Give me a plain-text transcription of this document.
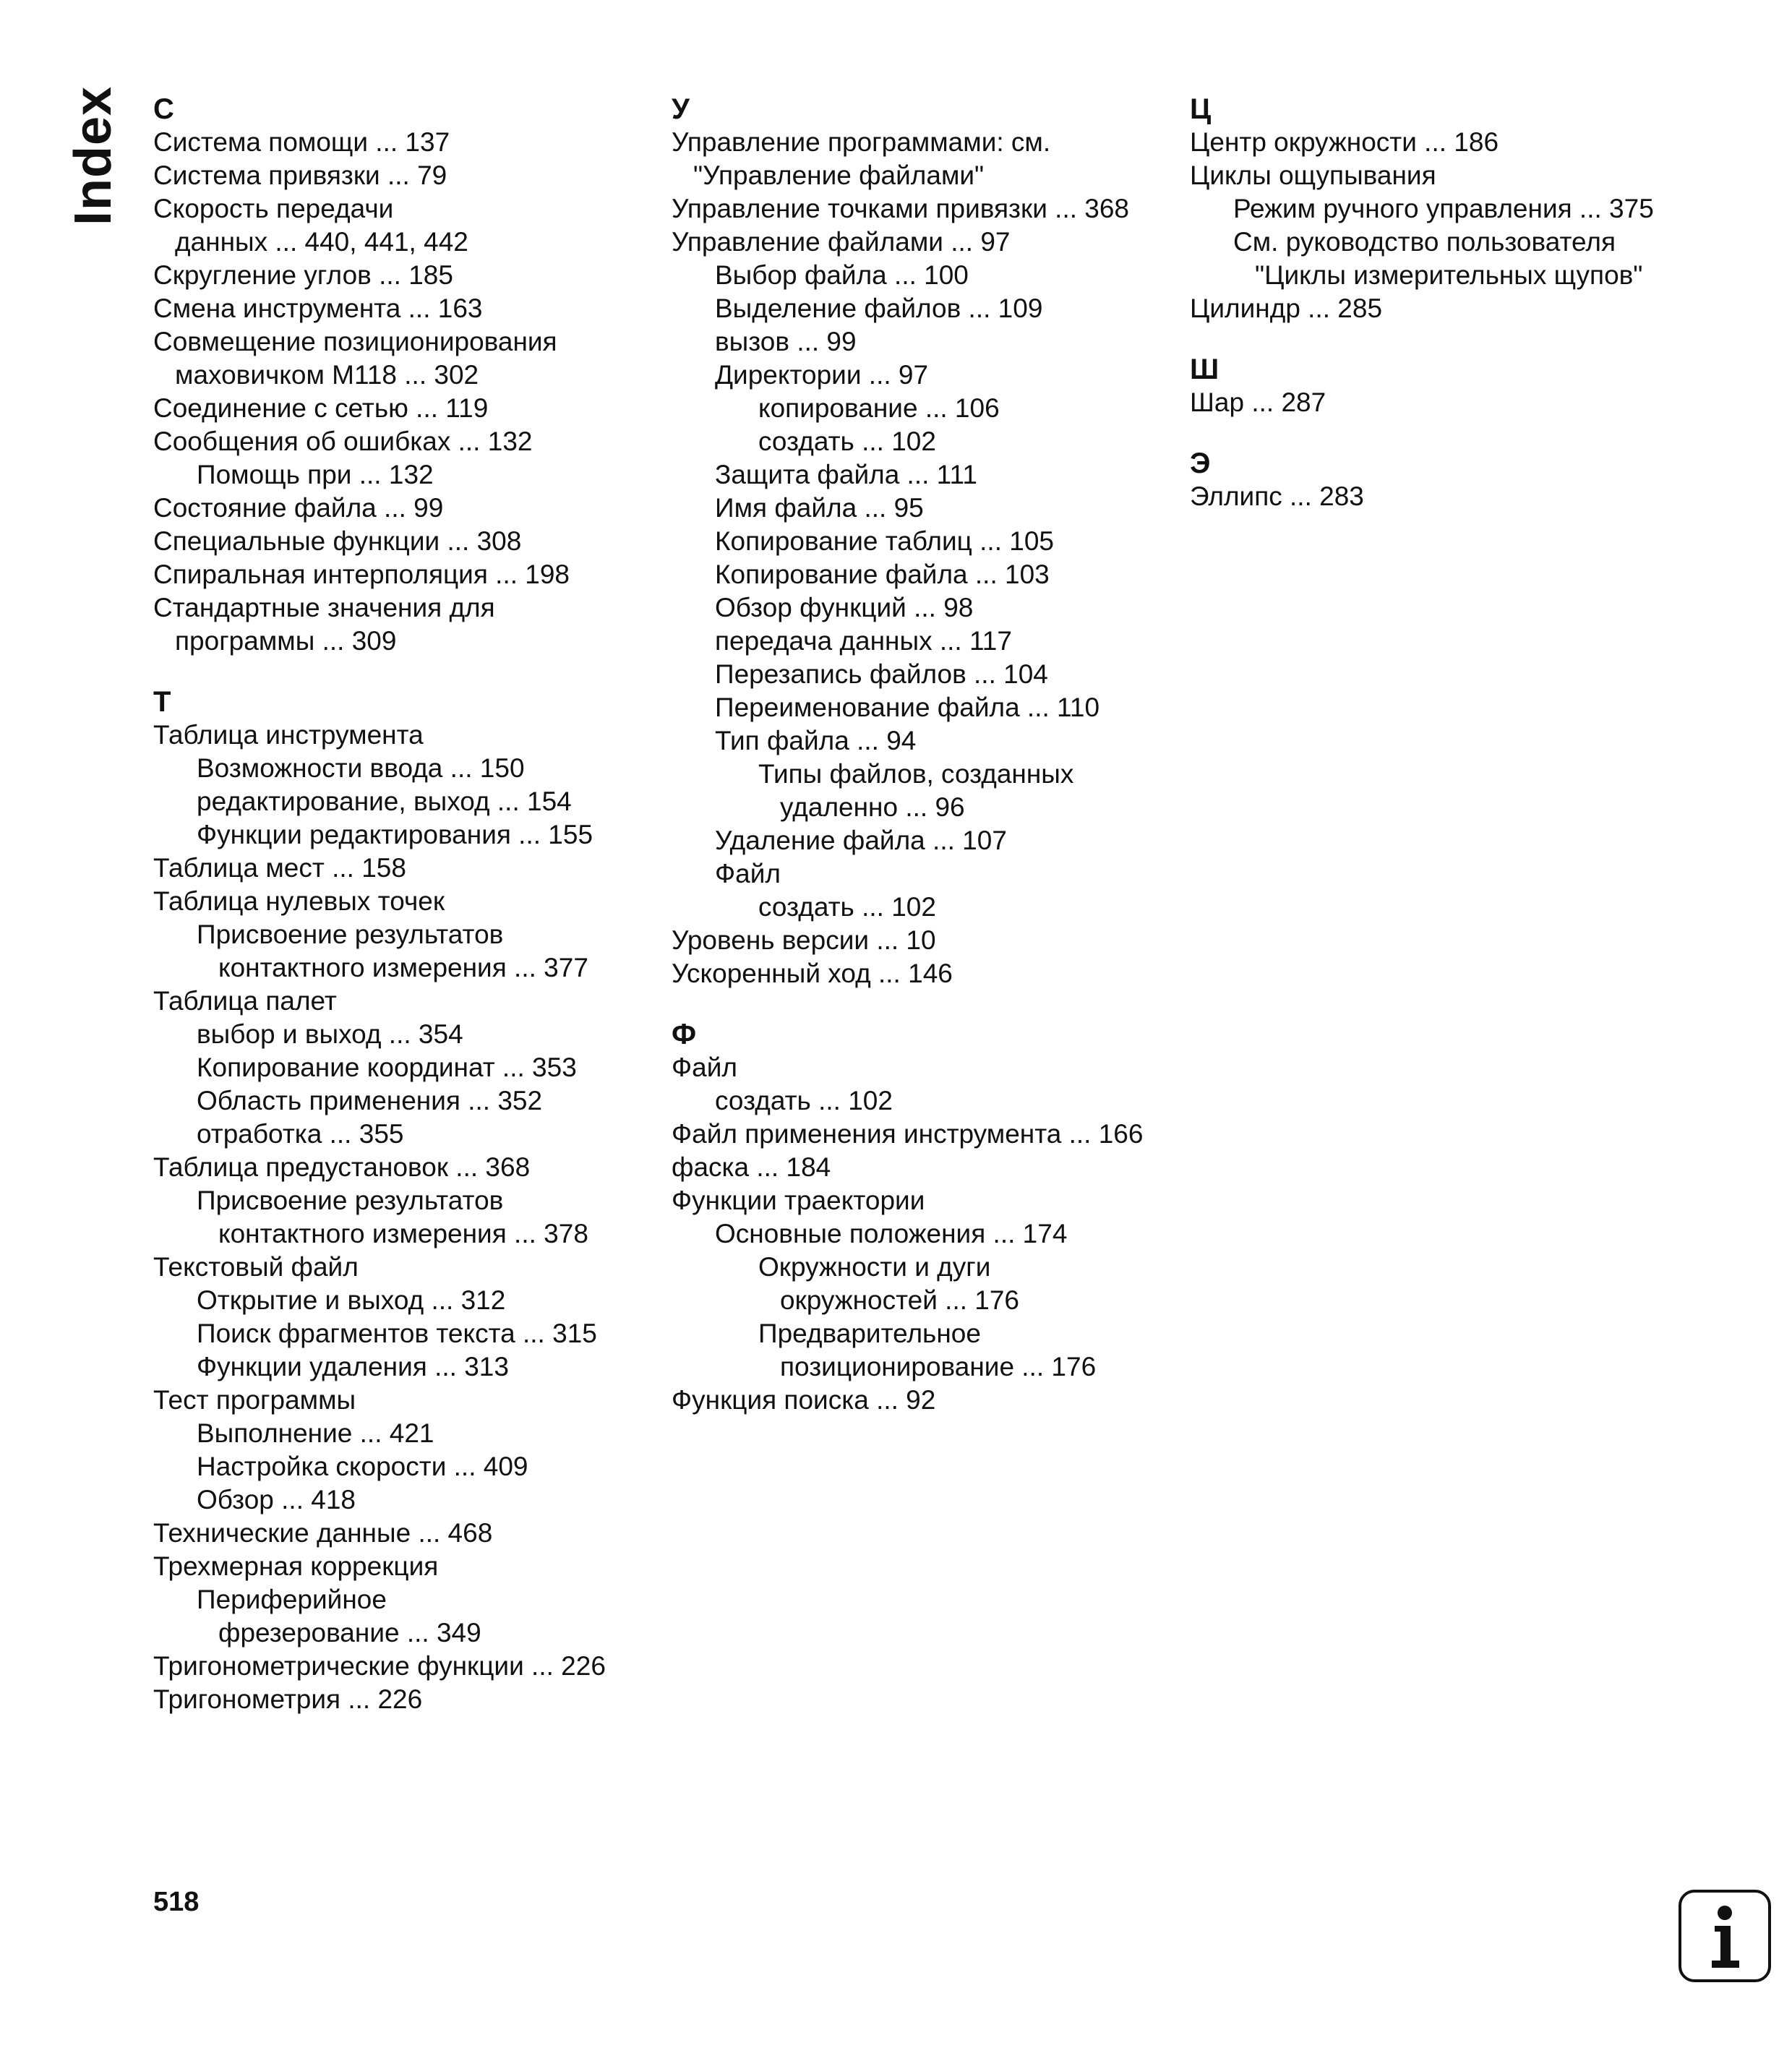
Index С
Система помощи ... 137
Система привязки ... 79
Скорость передачи
данных ... 440, 441, 442
Скругление углов ... 185
Смена инструмента ... 163
Совмещение позиционирования
маховичком M118 ... 302
Соединение с сетью ... 119
Сообщения об ошибках ... 132
Помощь при ... 132
Состояние файла ... 99
Специальные функции ... 308
Спиральная интерполяция ... 198
Стандартные значения для
программы ... 309
Т
Таблица инструмента
Возможности ввода ... 150
редактирование, выход ... 154
Функции редактирования ... 155
Таблица мест ... 158
Таблица нулевых точек
Присвоение результатов
контактного измерения ... 377
Таблица палет
выбор и выход ... 354
Копирование координат ... 353
Область применения ... 352
отработка ... 355
Таблица предустановок ... 368
Присвоение результатов
контактного измерения ... 378
Текстовый файл
Открытие и выход ... 312
Поиск фрагментов текста ... 315
Функции удаления ... 313
Тест программы
Выполнение ... 421
Настройка скорости ... 409
Обзор ... 418
Технические данные ... 468
Трехмерная коррекция
Периферийное
фрезерование ... 349
Тригонометрические функции ... 226
Тригонометрия ... 226
У
Управление программами: см.
"Управление файлами"
Управление точками привязки ... 368
Управление файлами ... 97
Выбор файла ... 100
Выделение файлов ... 109
вызов ... 99
Директории ... 97
копирование ... 106
создать ... 102
Защита файла ... 111
Имя файла ... 95
Копирование таблиц ... 105
Копирование файла ... 103
Обзор функций ... 98
передача данных ... 117
Перезапись файлов ... 104
Переименование файла ... 110
Тип файла ... 94
Типы файлов, созданных
удаленно ... 96
Удаление файла ... 107
Файл
создать ... 102
Уровень версии ... 10
Ускоренный ход ... 146
Ф
Файл
создать ... 102
Файл применения инструмента ... 166
фаска ... 184
Функции траектории
Основные положения ... 174
Окружности и дуги
окружностей ... 176
Предварительное
позиционирование ... 176
Функция поиска ... 92
Ц
Центр окружности ... 186
Циклы ощупывания
Режим ручного управления ... 375
См. руководство пользователя
"Циклы измерительных щупов"
Цилиндр ... 285
Ш
Шар ... 287
Э
Эллипс ... 283
518
